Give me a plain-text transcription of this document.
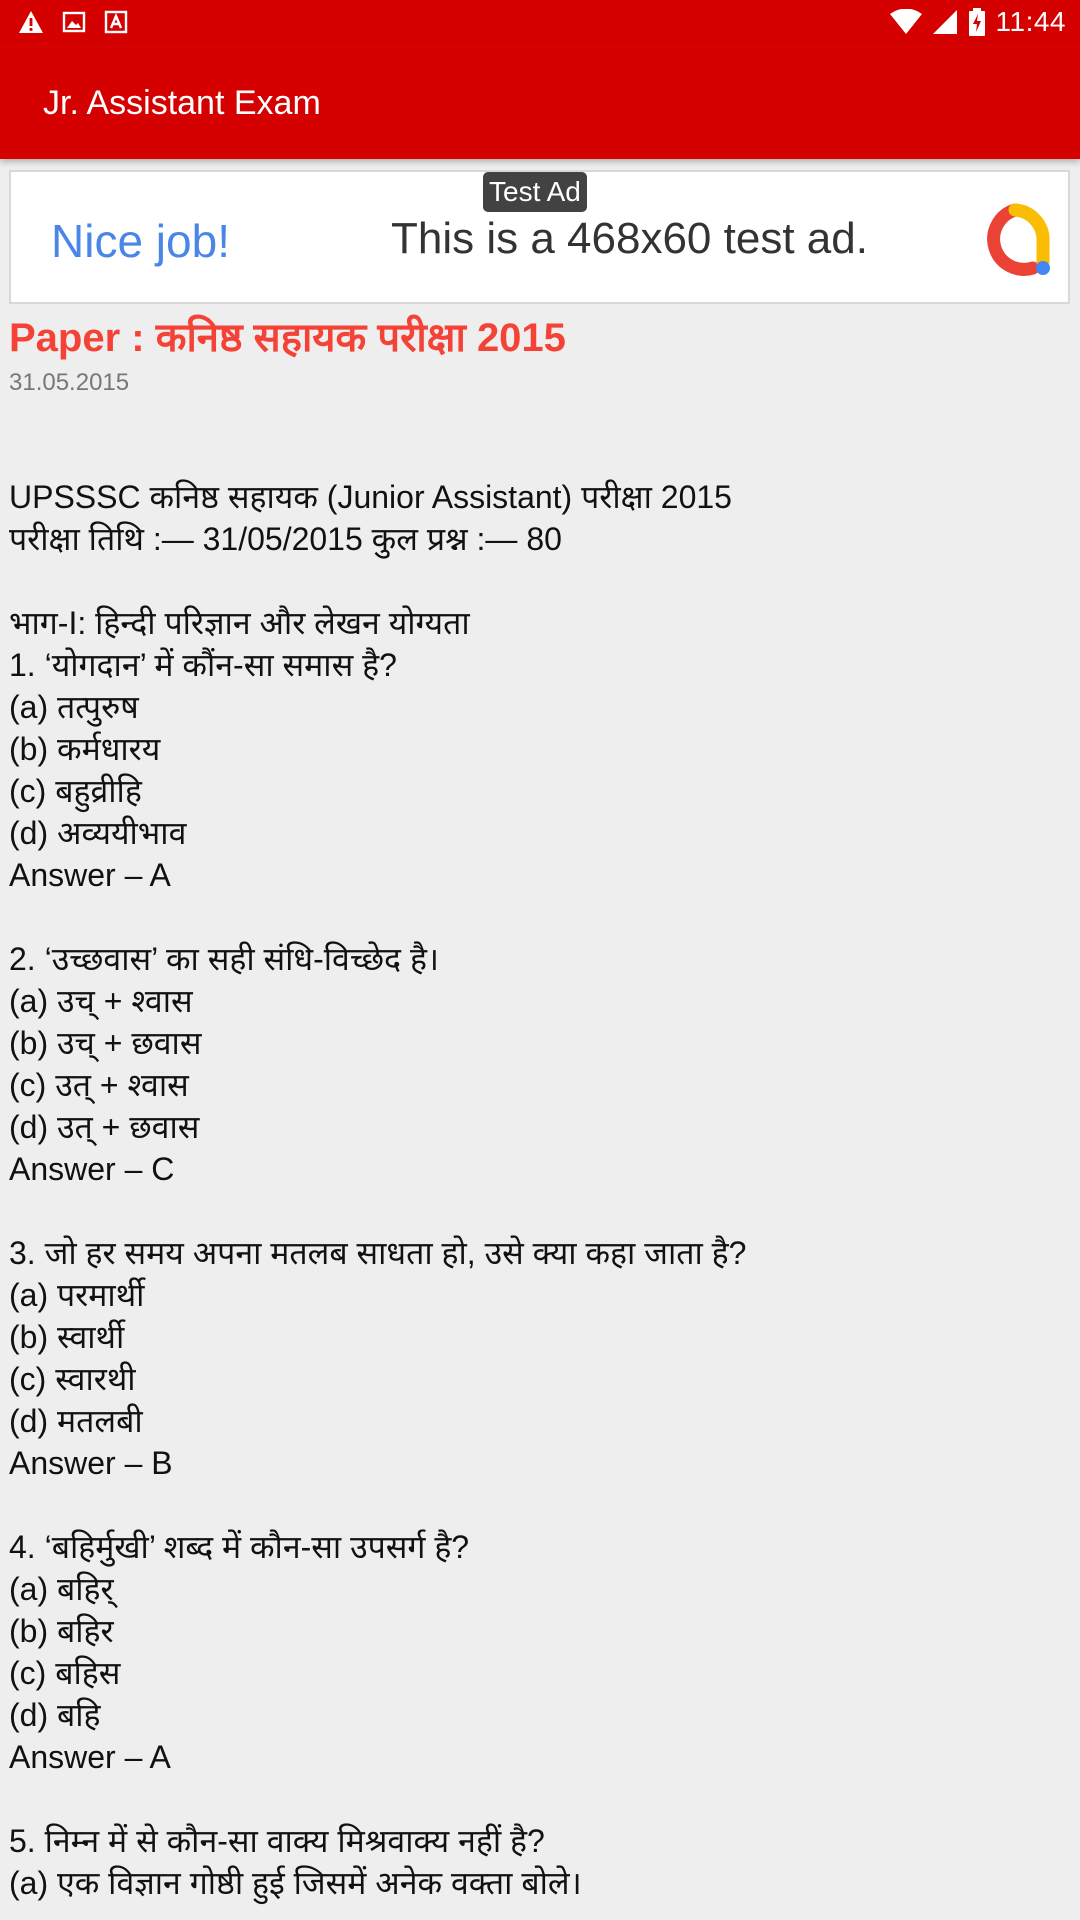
11:44
Jr. Assistant Exam
Test Ad
Nice job!	This is a 468x60 test ad.
Paper : कनिष्ठ सहायक परीक्षा 2015
31.05.2015
UPSSSC कनिष्ठ सहायक (Junior Assistant) परीक्षा 2015
परीक्षा तिथि :— 31/05/2015 कुल प्रश्न :— 80
भाग-I: हिन्दी परिज्ञान और लेखन योग्यता
1. ‘योगदान’ में कौंन-सा समास है?
(a) तत्पुरुष
(b) कर्मधारय
(c) बहुव्रीहि
(d) अव्ययीभाव
Answer – A
2. ‘उच्छवास’ का सही संधि-विच्छेद है।
(a) उच् + श्वास
(b) उच् + छवास
(c) उत् + श्वास
(d) उत् + छवास
Answer – C
3. जो हर समय अपना मतलब साधता हो, उसे क्या कहा जाता है?
(a) परमार्थी
(b) स्वार्थी
(c) स्वारथी
(d) मतलबी
Answer – B
4. ‘बहिर्मुखी’ शब्द में कौन-सा उपसर्ग है?
(a) बहिर्
(b) बहिर
(c) बहिस
(d) बहि
Answer – A
5. निम्न में से कौन-सा वाक्य मिश्रवाक्य नहीं है?
(a) एक विज्ञान गोष्ठी हुई जिसमें अनेक वक्ता बोले।
